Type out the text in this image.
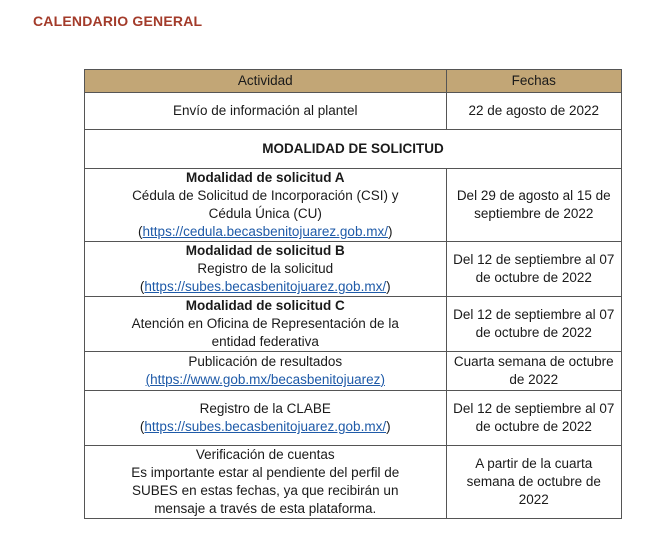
CALENDARIO GENERAL
Actividad	Fechas
Envío de información al plantel	22 de agosto de 2022
MODALIDAD DE SOLICITUD	

Modalidad de solicitud A
Cédula de Solicitud de Incorporación (CSI) y
Cédula Única (CU)
(https://cedula.becasbenitojuarez.gob.mx/)	Del 29 de agosto al 15 de septiembre de 2022

Modalidad de solicitud B
Registro de la solicitud
(https://subes.becasbenitojuarez.gob.mx/)	Del 12 de septiembre al 07 de octubre de 2022

Modalidad de solicitud C
Atención en Oficina de Representación de la
entidad federativa	Del 12 de septiembre al 07 de octubre de 2022

Publicación de resultados
(https://www.gob.mx/becasbenitojuarez)	Cuarta semana de octubre de 2022

Registro de la CLABE
(https://subes.becasbenitojuarez.gob.mx/)	Del 12 de septiembre al 07 de octubre de 2022

Verificación de cuentas
Es importante estar al pendiente del perfil de
SUBES en estas fechas, ya que recibirán un
mensaje a través de esta plataforma.	A partir de la cuarta semana de octubre de 2022
